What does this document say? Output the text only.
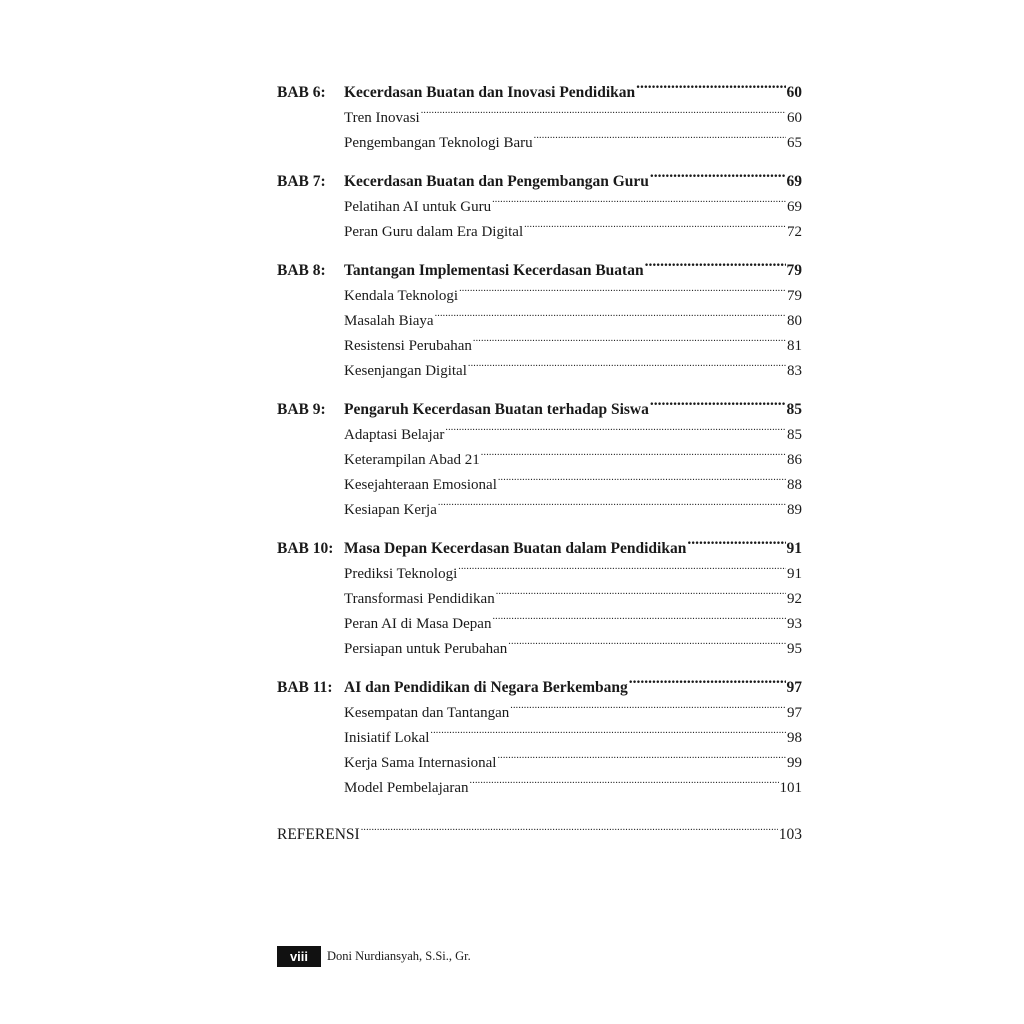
BAB 6:	Kecerdasan Buatan dan Inovasi Pendidikan .....	60
Tren Inovasi .....	60
Pengembangan Teknologi Baru .....	65
BAB 7:	Kecerdasan Buatan dan Pengembangan Guru .....	69
Pelatihan AI untuk Guru .....	69
Peran Guru dalam Era Digital .....	72
BAB 8:	Tantangan Implementasi Kecerdasan Buatan .....	79
Kendala Teknologi .....	79
Masalah Biaya .....	80
Resistensi Perubahan .....	81
Kesenjangan Digital .....	83
BAB 9:	Pengaruh Kecerdasan Buatan terhadap Siswa .....	85
Adaptasi Belajar .....	85
Keterampilan Abad 21 .....	86
Kesejahteraan Emosional .....	88
Kesiapan Kerja .....	89
BAB 10: Masa Depan Kecerdasan Buatan dalam Pendidikan .....	91
Prediksi Teknologi .....	91
Transformasi Pendidikan .....	92
Peran AI di Masa Depan .....	93
Persiapan untuk Perubahan .....	95
BAB 11: AI dan Pendidikan di Negara Berkembang .....	97
Kesempatan dan Tantangan .....	97
Inisiatif Lokal .....	98
Kerja Sama Internasional .....	99
Model Pembelajaran .....	101
REFERENSI .....	103
viii	Doni Nurdiansyah, S.Si., Gr.
